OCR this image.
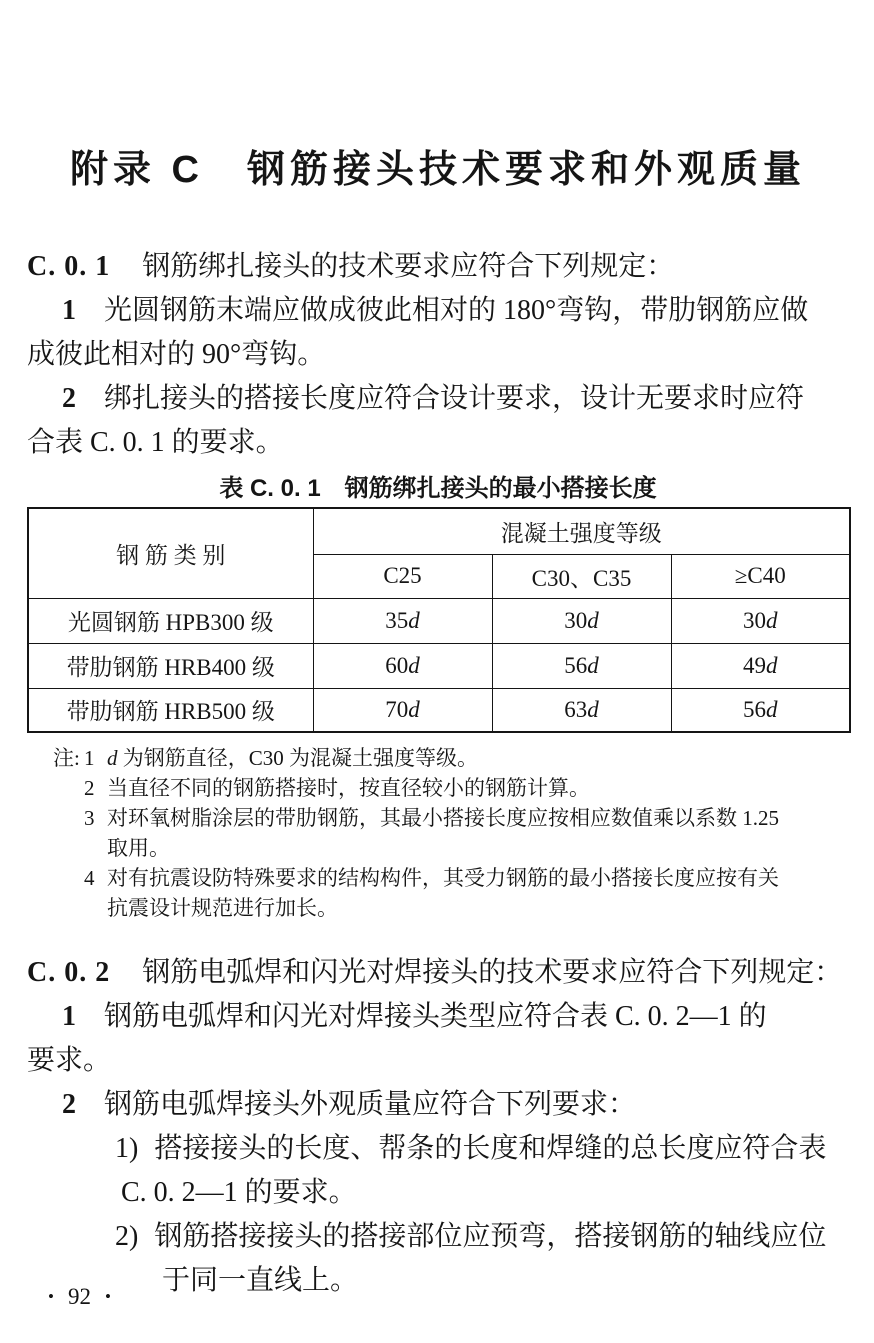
附录 C　钢筋接头技术要求和外观质量
C. 0. 1 钢筋绑扎接头的技术要求应符合下列规定：
1 光圆钢筋末端应做成彼此相对的 180°弯钩，带肋钢筋应做
成彼此相对的 90°弯钩。
2 绑扎接头的搭接长度应符合设计要求，设计无要求时应符
合表 C. 0. 1 的要求。
表 C. 0. 1　钢筋绑扎接头的最小搭接长度
钢 筋 类 别	混凝土强度等级		
	C25	C30、C35	≥C40
光圆钢筋 HPB300 级	35d	30d	30d
带肋钢筋 HRB400 级	60d	56d	49d
带肋钢筋 HRB500 级	70d	63d	56d
注: 1 d 为钢筋直径，C30 为混凝土强度等级。
2 当直径不同的钢筋搭接时，按直径较小的钢筋计算。
3 对环氧树脂涂层的带肋钢筋，其最小搭接长度应按相应数值乘以系数 1.25
取用。
4 对有抗震设防特殊要求的结构构件，其受力钢筋的最小搭接长度应按有关
抗震设计规范进行加长。
C. 0. 2 钢筋电弧焊和闪光对焊接头的技术要求应符合下列规定：
1 钢筋电弧焊和闪光对焊接头类型应符合表 C. 0. 2—1 的
要求。
2 钢筋电弧焊接头外观质量应符合下列要求：
1) 搭接接头的长度、帮条的长度和焊缝的总长度应符合表
C. 0. 2—1 的要求。
2) 钢筋搭接接头的搭接部位应预弯，搭接钢筋的轴线应位
于同一直线上。
• 92 •
